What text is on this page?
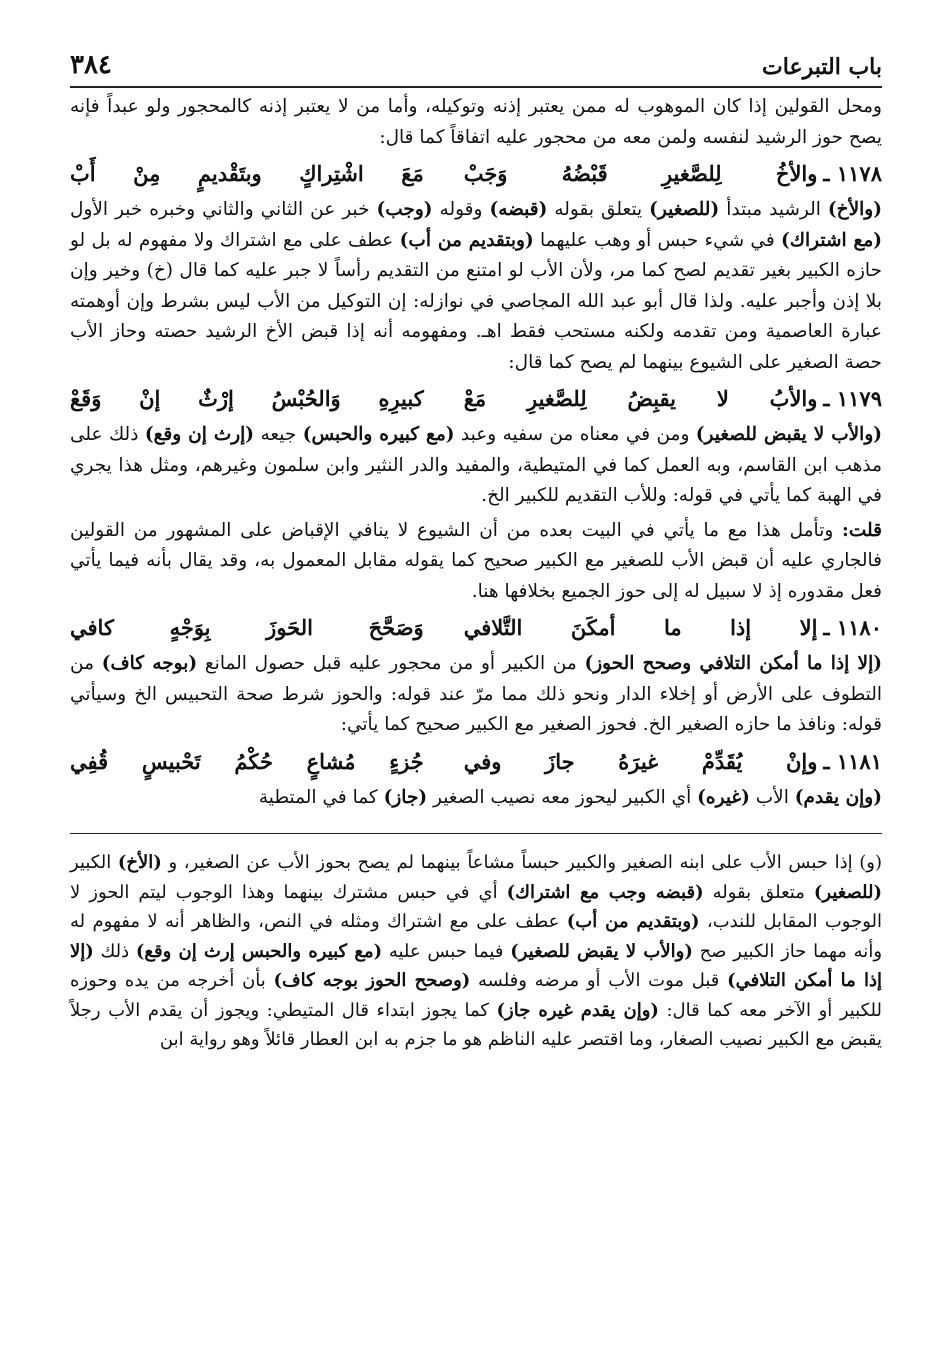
باب التبرعات
٣٨٤

ومحل القولين إذا كان الموهوب له ممن يعتبر إذنه وتوكيله، وأما من لا يعتبر إذنه كالمحجور ولو عبداً فإنه يصح حوز الرشيد لنفسه ولمن معه من محجور عليه اتفاقاً كما قال:

١١٧٨ ـ
والأخُ لِلصَّغيرِ قَبْضُهُ وَجَبْ
مَعَ اشْتِراكٍ وبتَقْديمٍ مِنْ أَبْ

(والأخ) الرشيد مبتدأ (للصغير) يتعلق بقوله (قبضه) وقوله (وجب) خبر عن الثاني والثاني وخبره خبر الأول (مع اشتراك) في شيء حبس أو وهب عليهما (وبتقديم من أب) عطف على مع اشتراك ولا مفهوم له بل لو حازه الكبير بغير تقديم لصح كما مر، ولأن الأب لو امتنع من التقديم رأساً لا جبر عليه كما قال (خ) وخير وإن بلا إذن وأجبر عليه. ولذا قال أبو عبد الله المجاصي في نوازله: إن التوكيل من الأب ليس بشرط وإن أوهمته عبارة العاصمية ومن تقدمه ولكنه مستحب فقط اهـ. ومفهومه أنه إذا قبض الأخ الرشيد حصته وحاز الأب حصة الصغير على الشيوع بينهما لم يصح كما قال:

١١٧٩ ـ
والأبُ لا يقبِضُ لِلصَّغيرِ مَعْ
كبيرِهِ وَالحُبْسُ إرْثٌ إنْ وَقَعْ

(والأب لا يقبض للصغير) ومن في معناه من سفيه وعبد (مع كبيره والحبس) جيعه (إرث إن وقع) ذلك على مذهب ابن القاسم، وبه العمل كما في المتيطية، والمفيد والدر النثير وابن سلمون وغيرهم، ومثل هذا يجري في الهبة كما يأتي في قوله: وللأب التقديم للكبير الخ.

قلت: وتأمل هذا مع ما يأتي في البيت بعده من أن الشيوع لا ينافي الإقباض على المشهور من القولين فالجاري عليه أن قبض الأب للصغير مع الكبير صحيح كما يقوله مقابل المعمول به، وقد يقال بأنه فيما يأتي فعل مقدوره إذ لا سبيل له إلى حوز الجميع بخلافها هنا.

١١٨٠ ـ
إلا إذا ما أمكَنَ التَّلافي
وَصَحَّحَ الحَوزَ بِوَجْهٍ كافي

(إلا إذا ما أمكن التلافي وصحح الحوز) من الكبير أو من محجور عليه قبل حصول المانع (بوجه كاف) من التطوف على الأرض أو إخلاء الدار ونحو ذلك مما مرّ عند قوله: والحوز شرط صحة التحبيس الخ وسيأتي قوله: ونافذ ما حازه الصغير الخ. فحوز الصغير مع الكبير صحيح كما يأتي:

١١٨١ ـ
وإنْ يُقَدِّمْ غيرَهُ جازَ وفي
جُزءٍ مُشاعٍ حُكْمُ تَحْبيسٍ قُفِي

(وإن يقدم) الأب (غيره) أي الكبير ليحوز معه نصيب الصغير (جاز) كما في المتطية

(و) إذا حبس الأب على ابنه الصغير والكبير حبساً مشاعاً بينهما لم يصح بحوز الأب عن الصغير، و (الأخ) الكبير (للصغير) متعلق بقوله (قبضه وجب مع اشتراك) أي في حبس مشترك بينهما وهذا الوجوب ليتم الحوز لا الوجوب المقابل للندب، (وبتقديم من أب) عطف على مع اشتراك ومثله في النص، والظاهر أنه لا مفهوم له وأنه مهما حاز الكبير صح (والأب لا يقبض للصغير) فيما حبس عليه (مع كبيره والحبس إرث إن وقع) ذلك (إلا إذا ما أمكن التلافي) قبل موت الأب أو مرضه وفلسه (وصحح الحوز بوجه كاف) بأن أخرجه من يده وحوزه للكبير أو الآخر معه كما قال: (وإن يقدم غيره جاز) كما يجوز ابتداء قال المتيطي: ويجوز أن يقدم الأب رجلاً يقبض مع الكبير نصيب الصغار، وما اقتصر عليه الناظم هو ما جزم به ابن العطار قائلاً وهو رواية ابن
